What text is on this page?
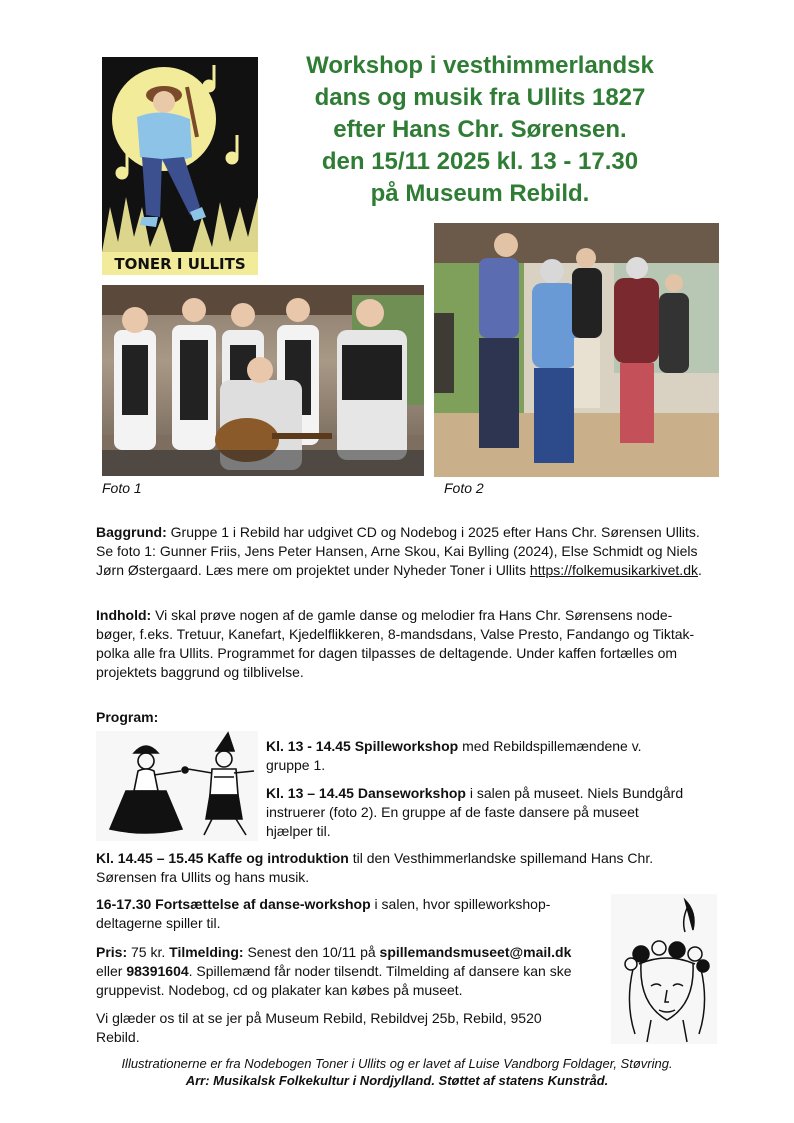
Workshop i vesthimmerlandsk
dans og musik fra Ullits 1827
efter Hans Chr. Sørensen.
den 15/11 2025 kl. 13 - 17.30
på Museum Rebild.
TONER I ULLITS
Foto 1	Foto 2
Baggrund: Gruppe 1 i Rebild har udgivet CD og Nodebog i 2025 efter Hans Chr. Sørensen Ullits. Se foto 1: Gunner Friis, Jens Peter Hansen, Arne Skou, Kai Bylling (2024), Else Schmidt og Niels Jørn Østergaard. Læs mere om projektet under Nyheder Toner i Ullits https://folkemusikarkivet.dk.
Indhold: Vi skal prøve nogen af de gamle danse og melodier fra Hans Chr. Sørensens node-bøger, f.eks. Tretuur, Kanefart, Kjedelflikkeren, 8-mandsdans, Valse Presto, Fandango og Tiktak-polka alle fra Ullits. Programmet for dagen tilpasses de deltagende. Under kaffen fortælles om projektets baggrund og tilblivelse.
Program:
Kl. 13 - 14.45 Spilleworkshop med Rebildspillemændene v. gruppe 1.
Kl. 13 – 14.45 Danseworkshop i salen på museet. Niels Bundgård instruerer (foto 2). En gruppe af de faste dansere på museet hjælper til.
Kl. 14.45 – 15.45 Kaffe og introduktion til den Vesthimmerlandske spillemand Hans Chr. Sørensen fra Ullits og hans musik.
16-17.30 Fortsættelse af danse-workshop i salen, hvor spilleworkshop-deltagerne spiller til.
Pris: 75 kr. Tilmelding: Senest den 10/11 på spillemandsmuseet@mail.dk eller 98391604. Spillemænd får noder tilsendt. Tilmelding af dansere kan ske gruppevist. Nodebog, cd og plakater kan købes på museet.
Vi glæder os til at se jer på Museum Rebild, Rebildvej 25b, Rebild, 9520 Rebild.
Illustrationerne er fra Nodebogen Toner i Ullits og er lavet af Luise Vandborg Foldager, Støvring.
Arr: Musikalsk Folkekultur i Nordjylland. Støttet af statens Kunstråd.
